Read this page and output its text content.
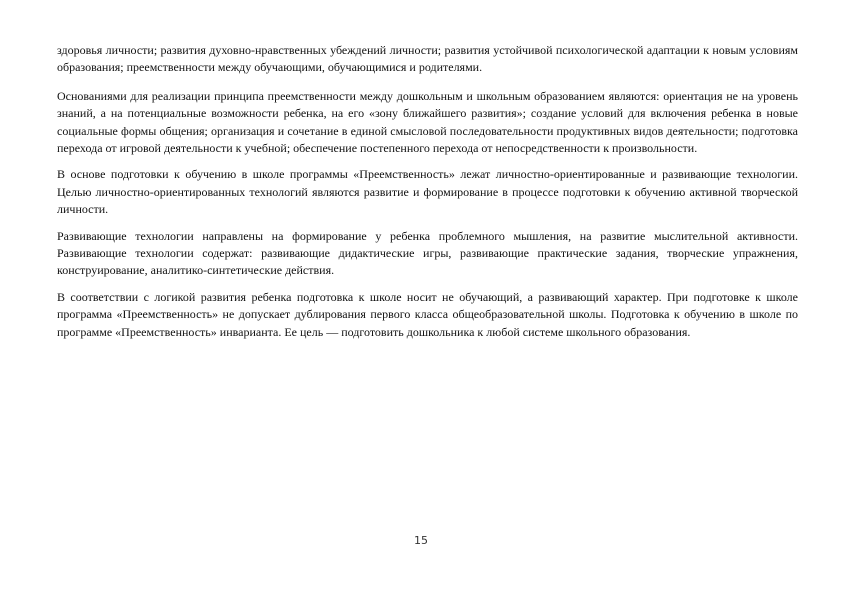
здоровья личности; развития духовно-нравственных убеждений личности; развития устойчивой психологической адаптации к новым условиям образования; преемственности между обучающими, обучающимися и родителями.

Основаниями для реализации принципа преемственности между дошкольным и школьным образованием являются: ориентация не на уровень знаний, а на потенциальные возможности ребенка, на его «зону ближайшего развития»; создание условий для включения ребенка в новые социальные формы общения; организация и сочетание в единой смысловой последовательности продуктивных видов деятельности; подготовка перехода от игровой деятельности к учебной; обеспечение постепенного перехода от непосредственности к произвольности.

В основе подготовки к обучению в школе программы «Преемственность» лежат личностно-ориентированные и развивающие технологии. Целью личностно-ориентированных технологий являются развитие и формирование в процессе подготовки к обучению активной творческой личности.

Развивающие технологии направлены на формирование у ребенка проблемного мышления, на развитие мыслительной активности. Развивающие технологии содержат: развивающие дидактические игры, развивающие практические задания, творческие упражнения, конструирование, аналитико-синтетические действия.

В соответствии с логикой развития ребенка подготовка к школе носит не обучающий, а развивающий характер. При подготовке к школе программа «Преемственность» не допускает дублирования первого класса общеобразовательной школы. Подготовка к обучению в школе по программе «Преемственность» инварианта. Ее цель — подготовить дошкольника к любой системе школьного образования.

15
